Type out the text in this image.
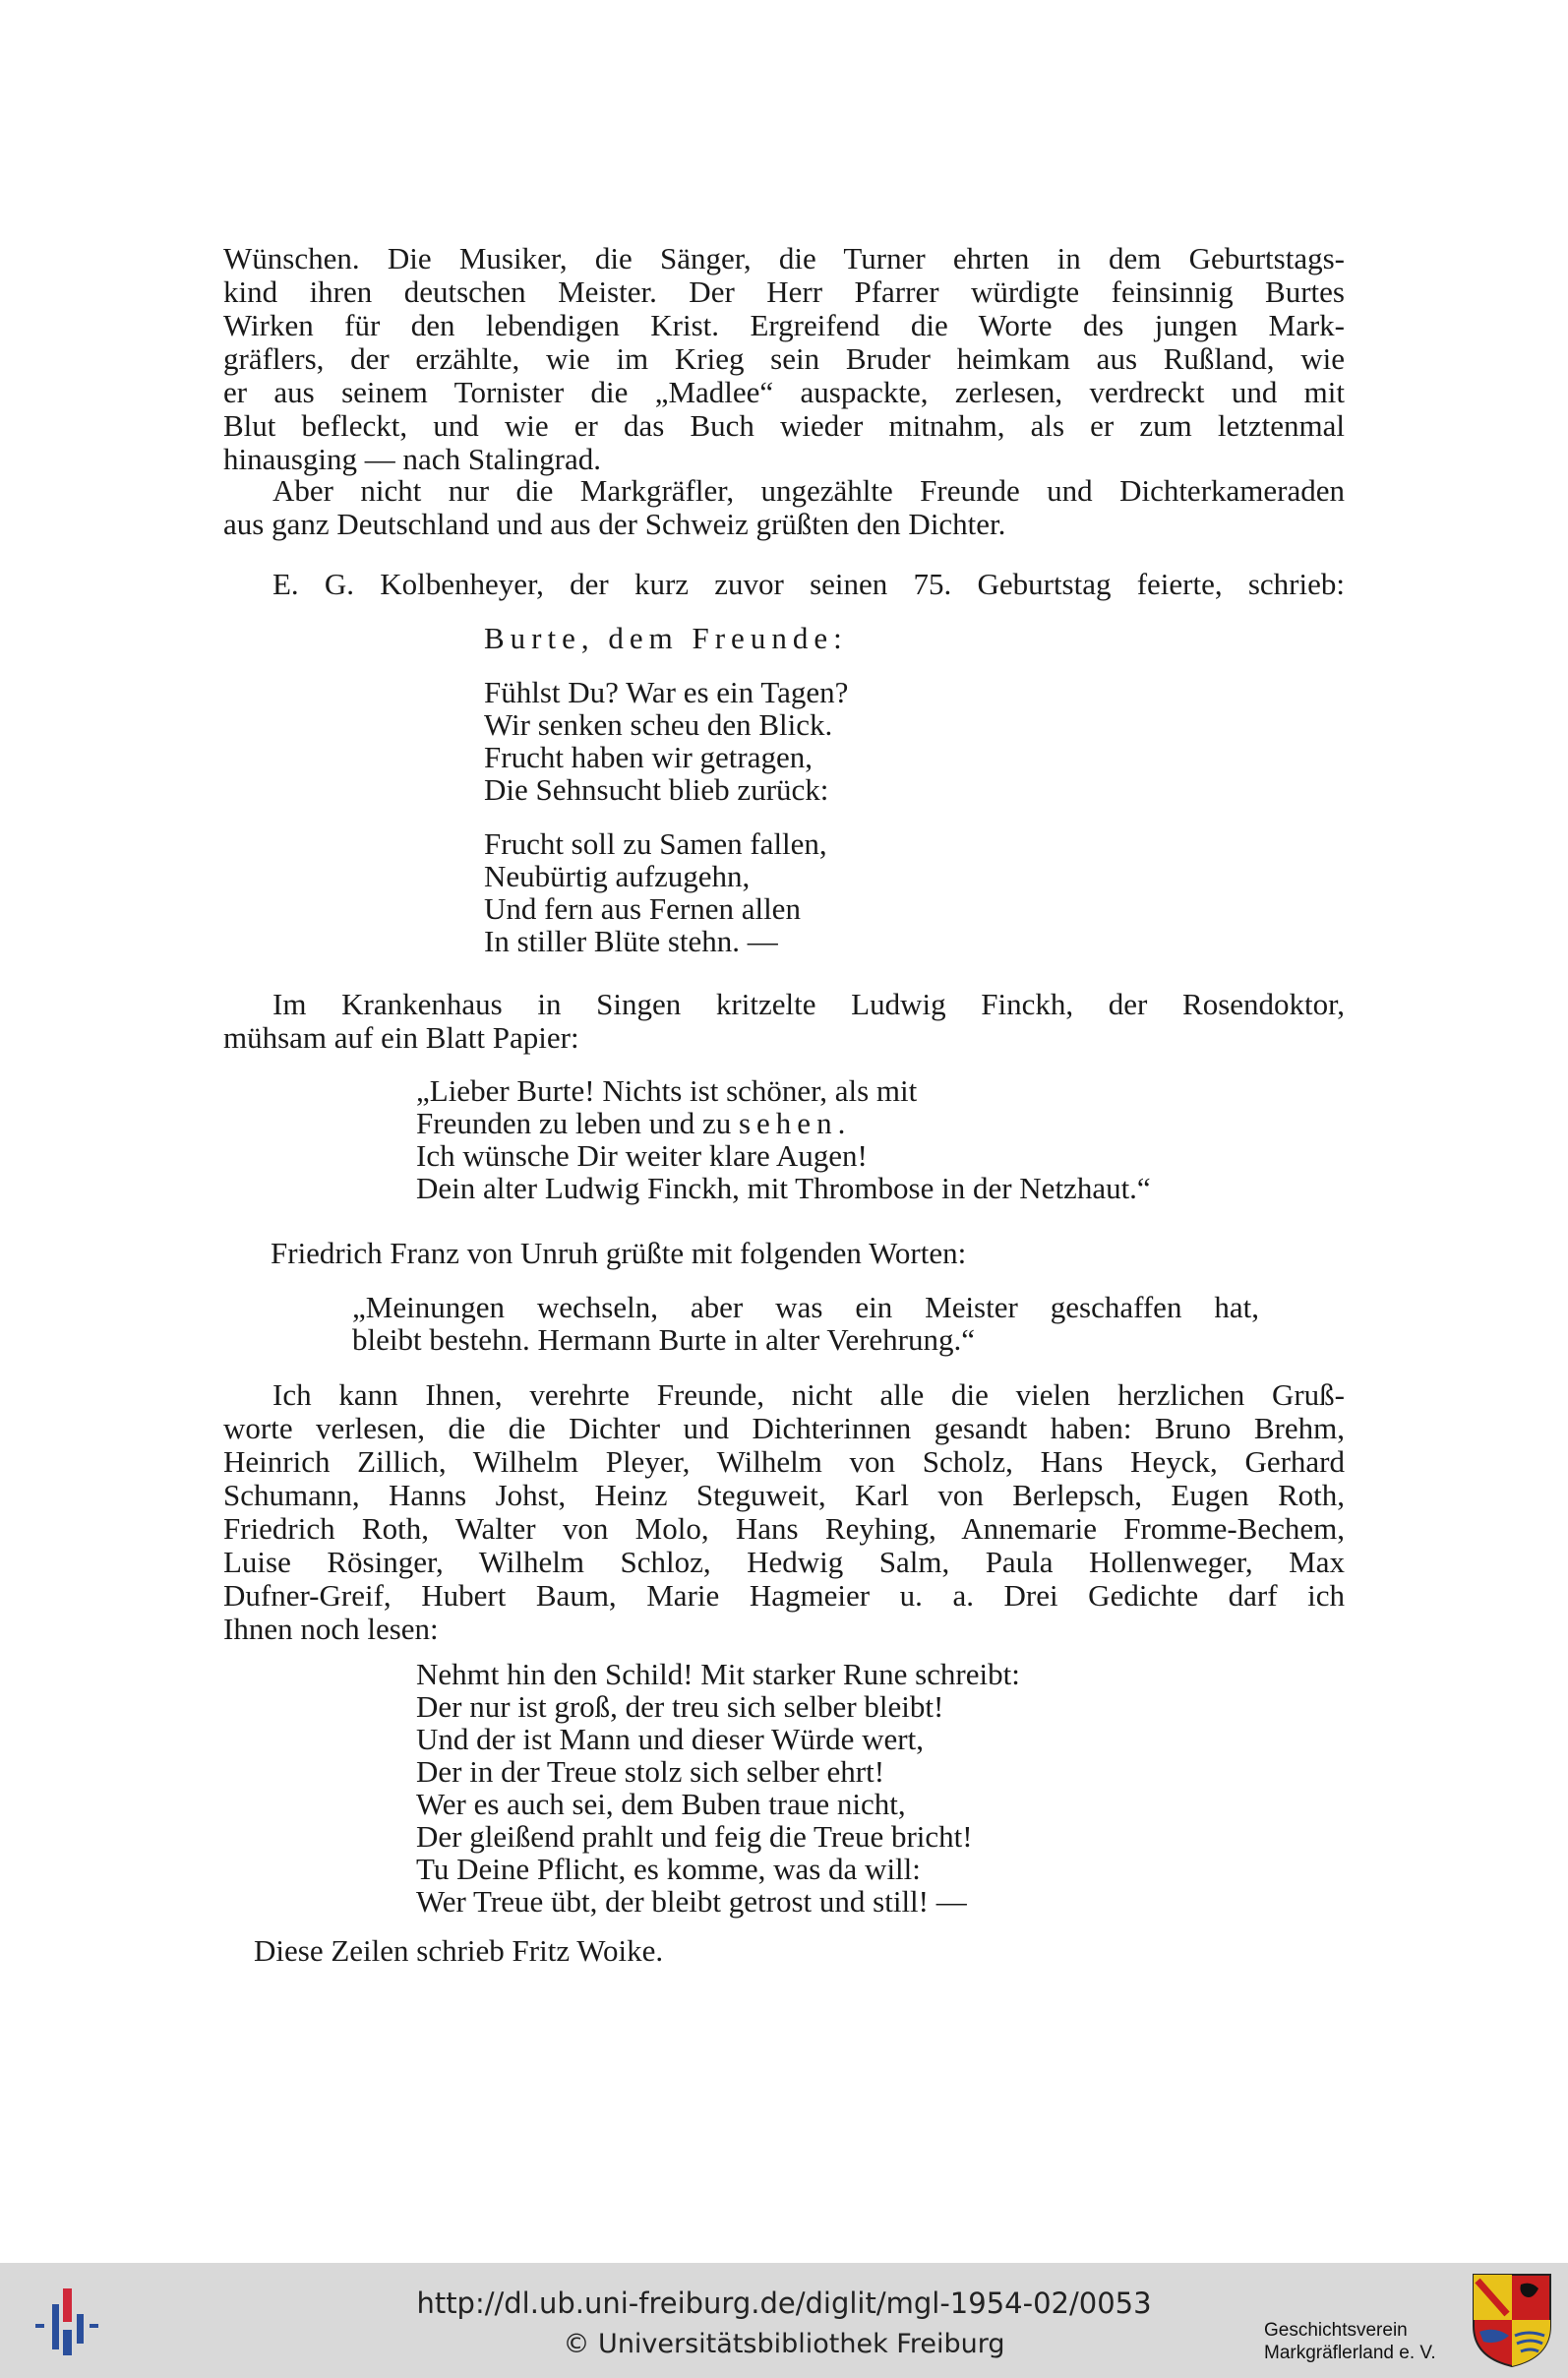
Wünschen. Die Musiker, die Sänger, die Turner ehrten in dem Geburtstags-
kind ihren deutschen Meister. Der Herr Pfarrer würdigte feinsinnig Burtes
Wirken für den lebendigen Krist. Ergreifend die Worte des jungen Mark-
gräflers, der erzählte, wie im Krieg sein Bruder heimkam aus Rußland, wie
er aus seinem Tornister die „Madlee“ auspackte, zerlesen, verdreckt und mit
Blut befleckt, und wie er das Buch wieder mitnahm, als er zum letztenmal
hinausging — nach Stalingrad.
Aber nicht nur die Markgräfler, ungezählte Freunde und Dichterkameraden
aus ganz Deutschland und aus der Schweiz grüßten den Dichter.
E. G. Kolbenheyer, der kurz zuvor seinen 75. Geburtstag feierte, schrieb:
Burte, dem Freunde:
Fühlst Du? War es ein Tagen?
Wir senken scheu den Blick.
Frucht haben wir getragen,
Die Sehnsucht blieb zurück:
Frucht soll zu Samen fallen,
Neubürtig aufzugehn,
Und fern aus Fernen allen
In stiller Blüte stehn. —
Im Krankenhaus in Singen kritzelte Ludwig Finckh, der Rosendoktor,
mühsam auf ein Blatt Papier:
„Lieber Burte! Nichts ist schöner, als mit
Freunden zu leben und zu sehen.
Ich wünsche Dir weiter klare Augen!
Dein alter Ludwig Finckh, mit Thrombose in der Netzhaut.“
Friedrich Franz von Unruh grüßte mit folgenden Worten:
„Meinungen wechseln, aber was ein Meister geschaffen hat,
bleibt bestehn. Hermann Burte in alter Verehrung.“
Ich kann Ihnen, verehrte Freunde, nicht alle die vielen herzlichen Gruß-
worte verlesen, die die Dichter und Dichterinnen gesandt haben: Bruno Brehm,
Heinrich Zillich, Wilhelm Pleyer, Wilhelm von Scholz, Hans Heyck, Gerhard
Schumann, Hanns Johst, Heinz Steguweit, Karl von Berlepsch, Eugen Roth,
Friedrich Roth, Walter von Molo, Hans Reyhing, Annemarie Fromme-Bechem,
Luise Rösinger, Wilhelm Schloz, Hedwig Salm, Paula Hollenweger, Max
Dufner-Greif, Hubert Baum, Marie Hagmeier u. a. Drei Gedichte darf ich
Ihnen noch lesen:
Nehmt hin den Schild! Mit starker Rune schreibt:
Der nur ist groß, der treu sich selber bleibt!
Und der ist Mann und dieser Würde wert,
Der in der Treue stolz sich selber ehrt!
Wer es auch sei, dem Buben traue nicht,
Der gleißend prahlt und feig die Treue bricht!
Tu Deine Pflicht, es komme, was da will:
Wer Treue übt, der bleibt getrost und still! —
Diese Zeilen schrieb Fritz Woike.
http://dl.ub.uni-freiburg.de/diglit/mgl-1954-02/0053
© Universitätsbibliothek Freiburg	Geschichtsverein
Markgräflerland e. V.
